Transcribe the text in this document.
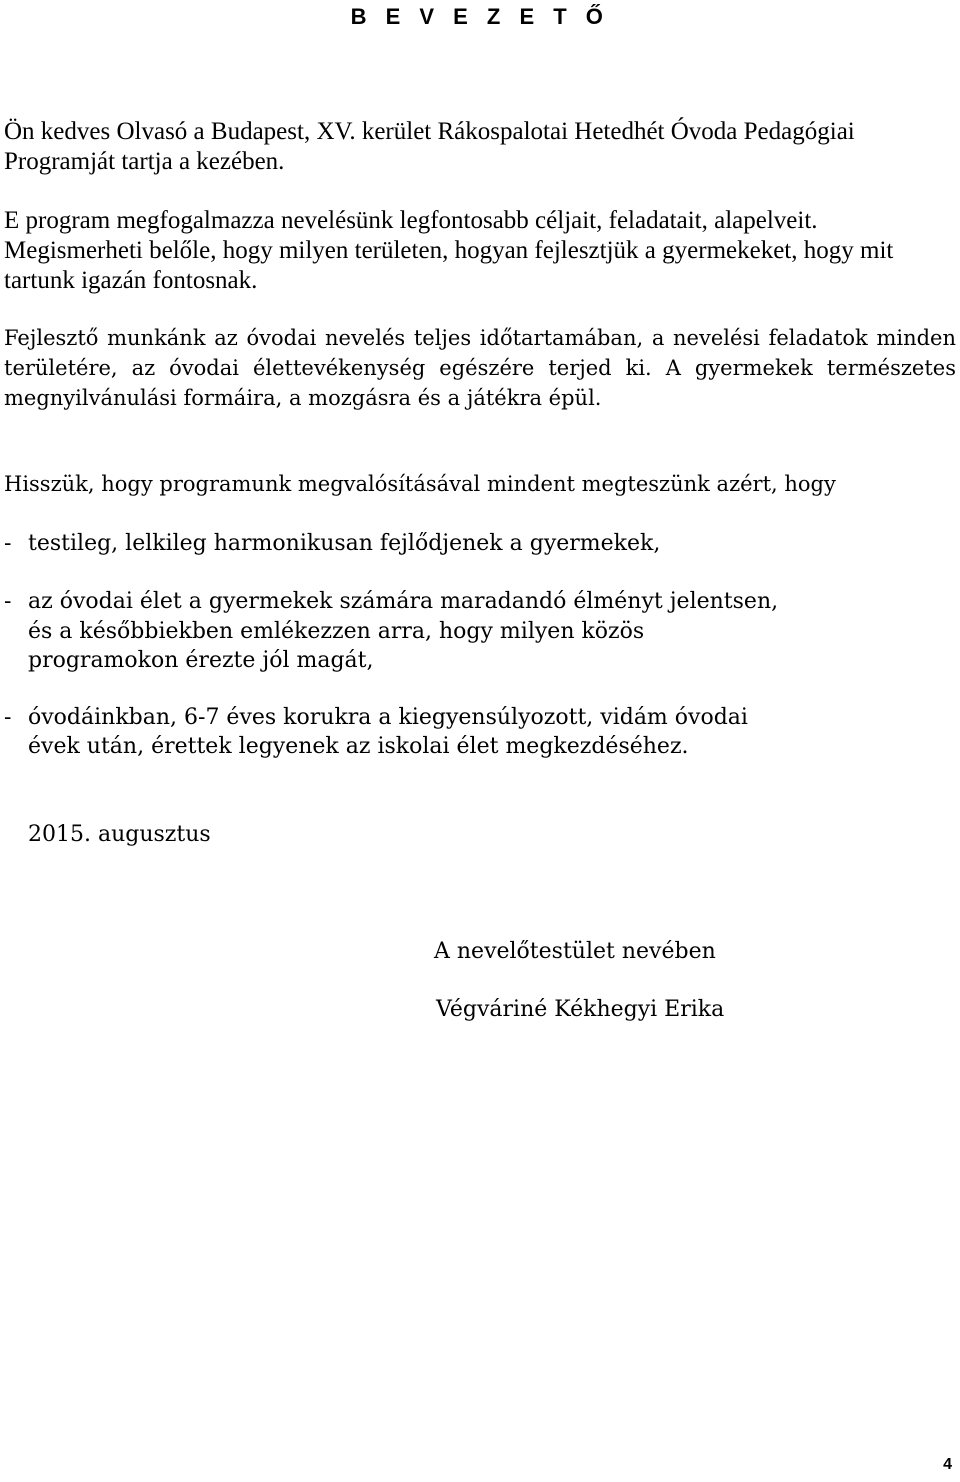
B E V E Z E T Ő
Ön kedves Olvasó a Budapest, XV. kerület Rákospalotai Hetedhét Óvoda Pedagógiai Programját tartja a kezében.
E program megfogalmazza nevelésünk legfontosabb céljait, feladatait, alapelveit. Megismerheti belőle, hogy milyen területen, hogyan fejlesztjük a gyermekeket, hogy mit tartunk igazán fontosnak.
Fejlesztő munkánk az óvodai nevelés teljes időtartamában, a nevelési feladatok minden területére, az óvodai élettevékenység egészére terjed ki. A gyermekek természetes megnyilvánulási formáira, a mozgásra és a játékra épül.
Hisszük, hogy programunk megvalósításával mindent megteszünk azért, hogy
- testileg, lelkileg harmonikusan fejlődjenek a gyermekek,
- az óvodai élet a gyermekek számára maradandó élményt jelentsen,
és a későbbiekben emlékezzen arra, hogy milyen közös
programokon érezte jól magát,
- óvodáinkban, 6-7 éves korukra a kiegyensúlyozott, vidám óvodai
évek után, érettek legyenek az iskolai élet megkezdéséhez.
2015. augusztus
A nevelőtestület nevében
Végváriné Kékhegyi Erika
4
